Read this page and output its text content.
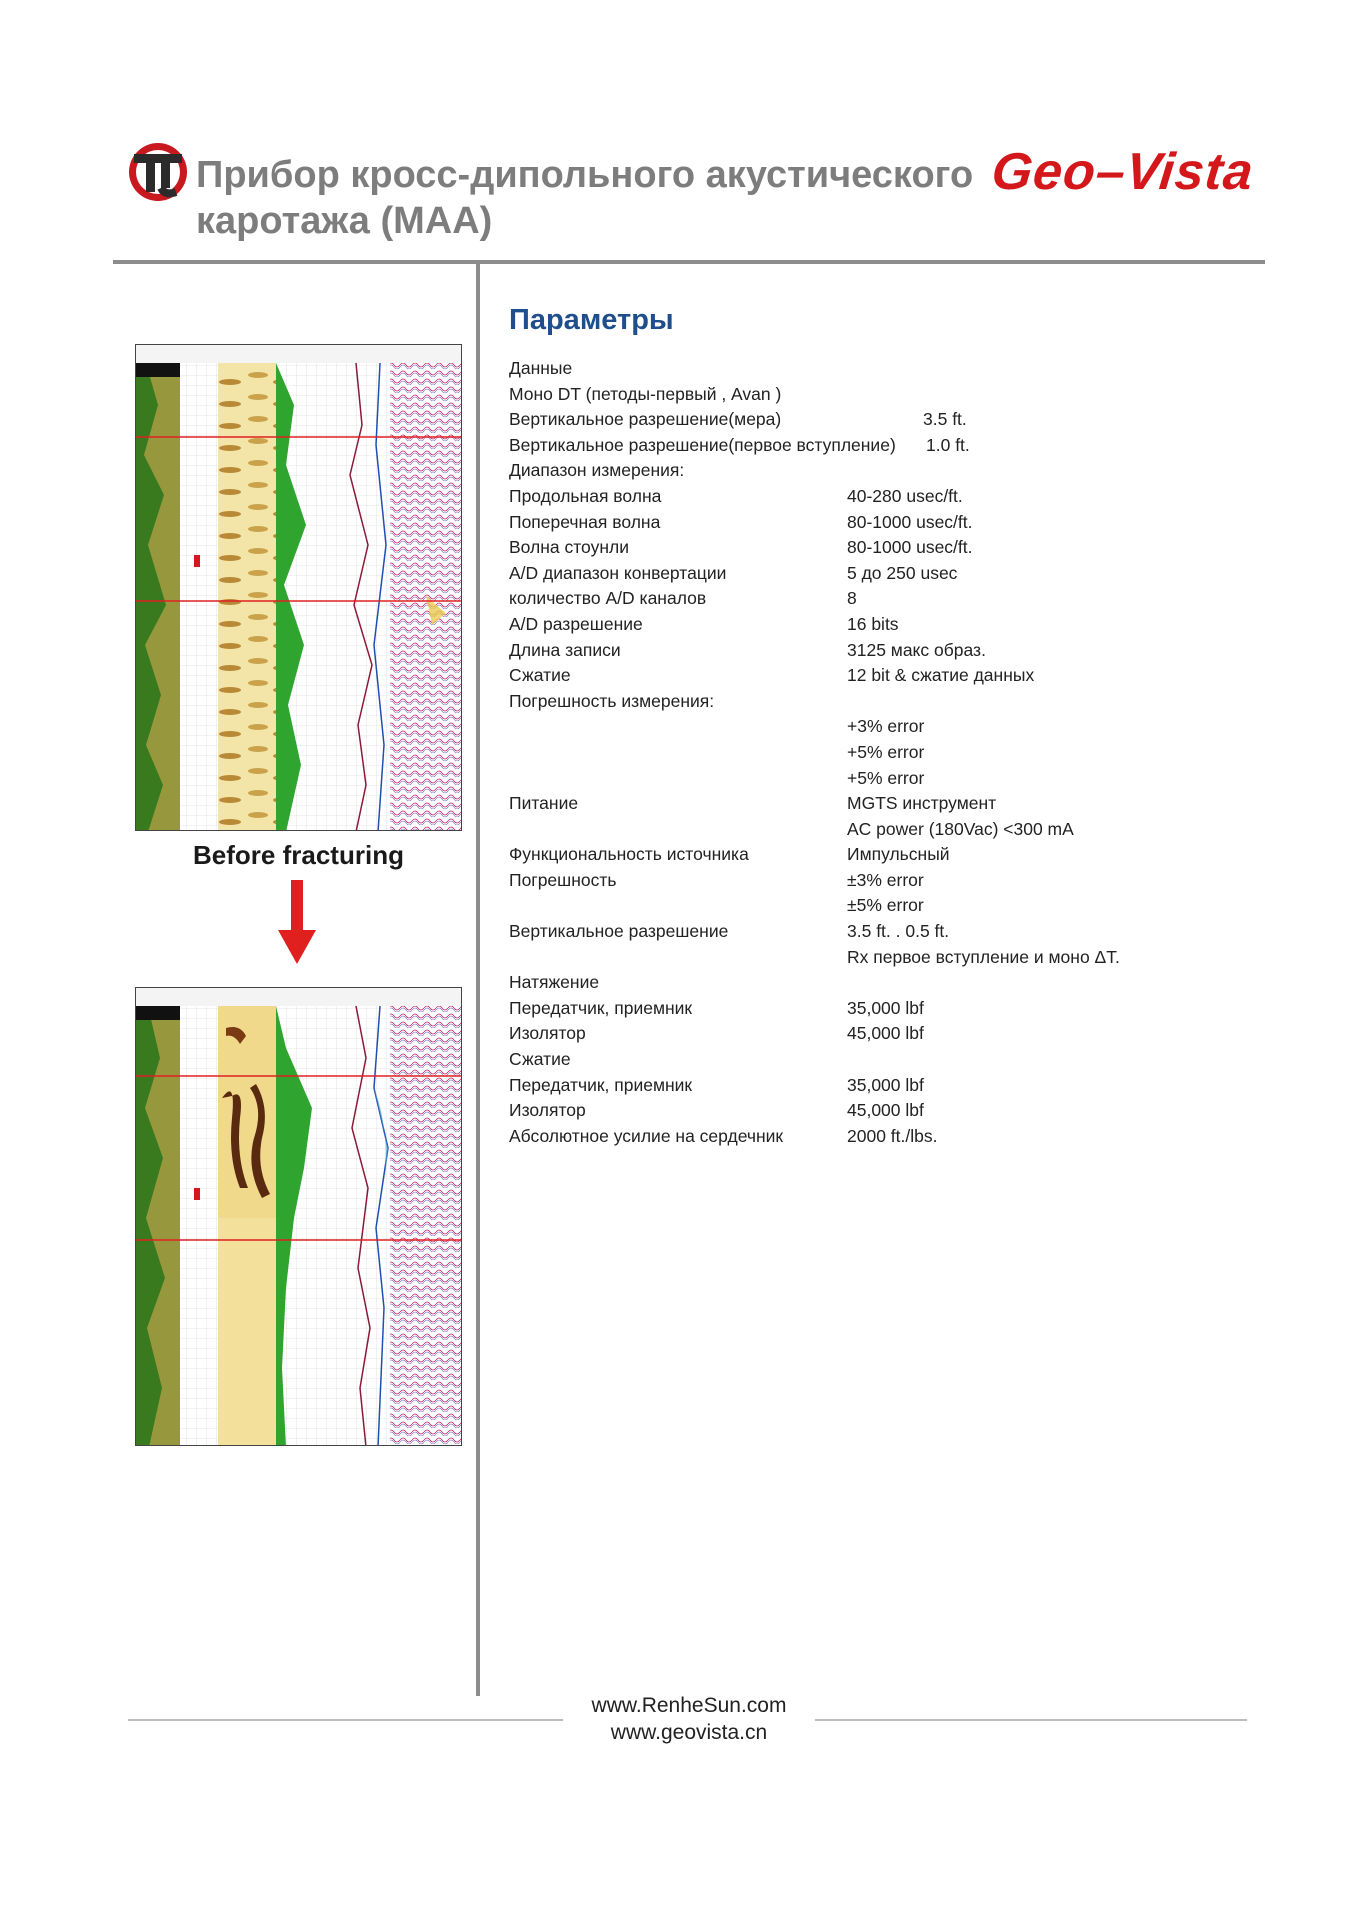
Прибор кросс-дипольного акустического
каротажа (MAA)
Geo–Vista
Before fracturing
Параметры
Данные
Моно DT (петоды-первый , Avan )
Вертикальное разрешение(мера)	3.5 ft.
Вертикальное разрешение(первое вступление) 1.0 ft.
Диапазон измерения:
Продольная волна	40-280 usec/ft.
Поперечная волна	80-1000 usec/ft.
Волна стоунли	80-1000 usec/ft.
A/D диапазон конвертации	5 до 250 usec
количество A/D каналов	8
A/D разрешение	16 bits
Длина записи	3125 макс образ.
Сжатие	12 bit & сжатие данных
Погрешность измерения:
+3% error
+5% error
+5% error
Питание	MGTS инструмент
AC power (180Vac) <300 mA
Функциональность источника	Импульсный
Погрешность	±3% error
±5% error
Вертикальное разрешение	3.5 ft. . 0.5 ft.
Rx первое вступление и моно ΔT.
Натяжение
Передатчик, приемник	35,000 lbf
Изолятор	45,000 lbf
Сжатие
Передатчик, приемник	35,000 lbf
Изолятор	45,000 lbf
Абсолютное усилие на сердечник	2000 ft./lbs.
www.RenheSun.com
www.geovista.cn
